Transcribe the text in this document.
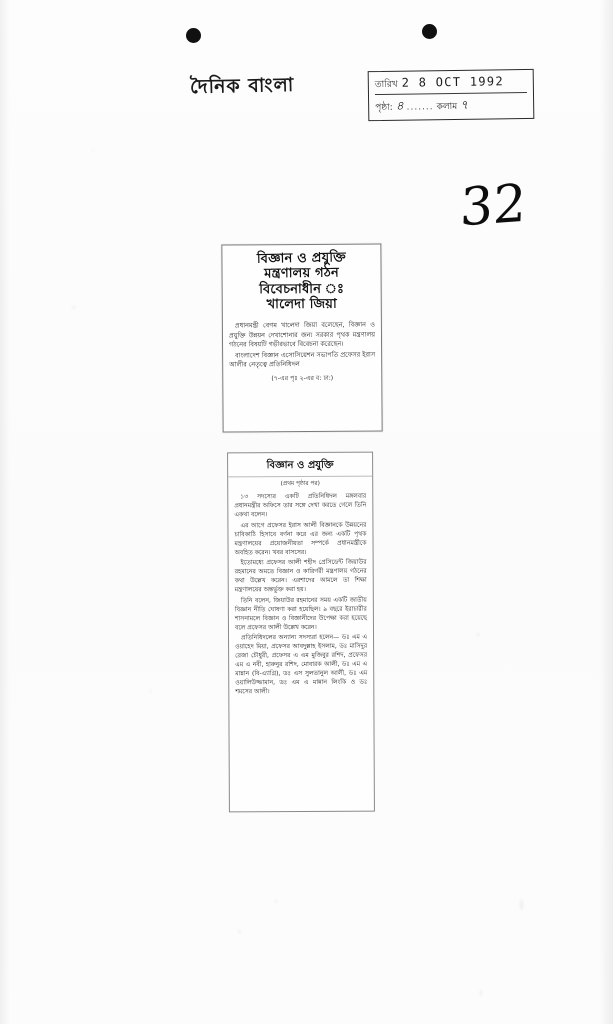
দৈনিক বাংলা	তারিখ 2 8 OCT 1992
পৃষ্ঠা: ৪ ....... কলাম ৭
32
বিজ্ঞান ও প্রযুক্তি
মন্ত্রণালয় গঠন
বিবেচনাধীন ঃ
খালেদা জিয়া

প্রধানমন্ত্রী বেগম খালেদা জিয়া বলেছেন, বিজ্ঞান ও প্রযুক্তি উন্নয়ন দেখাশোনার জন্য সরকার পৃথক মন্ত্রণালয় গঠনের বিষয়টি গভীরভাবে বিবেচনা করেছেন।

বাংলাদেশ বিজ্ঞান এসোসিয়েশন সভাপতি প্রফেসর ইরাস আলীর নেতৃত্বে প্রতিনিধিদল

(৭-এর পৃঃ ২-এর ব: ঢা:)
বিজ্ঞান ও প্রযুক্তি
(প্রথম পৃষ্ঠার পর)

১৩ সদস্যের একটি প্রতিনিধিদল মঙ্গলবার প্রধানমন্ত্রীর অফিসে তার সঙ্গে দেখা করতে গেলে তিনি একথা বলেন।

এর আগে প্রফেসর ইরাস আলী বিজ্ঞানকে উন্নয়নের চাবিকাঠি হিসাবে বর্ণনা করে এর জন্য একটি পৃথক মন্ত্রণালয়ের প্রয়োজনীয়তা সম্পর্কে প্রধানমন্ত্রীকে অবহিত করেন। খবর বাসসের।

ইতোমধ্যে প্রফেসর আলী শহীদ প্রেসিডেন্ট জিয়াউর রহমানের অমতে বিজ্ঞান ও কারিগরী মন্ত্রণালয় গঠনের কথা উল্লেখ করেন। এরশাদের আমলে তা শিক্ষা মন্ত্রণালয়ের অন্তর্ভুক্ত করা হয়।

তিনি বলেন, জিয়াউর রহমানের সময় একটি জাতীয় বিজ্ঞান নীতি ঘোষণা করা হয়েছিল। ৯ বছরে ইরাচারীর শাসনামলে বিজ্ঞান ও বিজ্ঞানীদের উপেক্ষা করা হয়েছে বলে প্রফেসর আলী উল্লেখ করেন।

প্রতিনিধিদলের অন্যান্য সদস্যরা হলেন— ডঃ এম এ ওয়াহেদ মিয়া, প্রফেসর আবদুল্লাহ ইসলাম, ডঃ মাসিদুর রেজা চৌধুরী, প্রফেসর এ এম মুজিবুর রশিদ, প্রফেসর এম এ নবী, হারুনুর রশিদ, মোবারক আলী, ডঃ এম এ মান্নান (বি-এ্যাগ্রি), ডঃ এস সুলতানুল আলী, ডঃ এম ওয়ালিউজ্জামান, ডঃ এম এ মান্নান লিংকি ও ডঃ শমসের আলী।
